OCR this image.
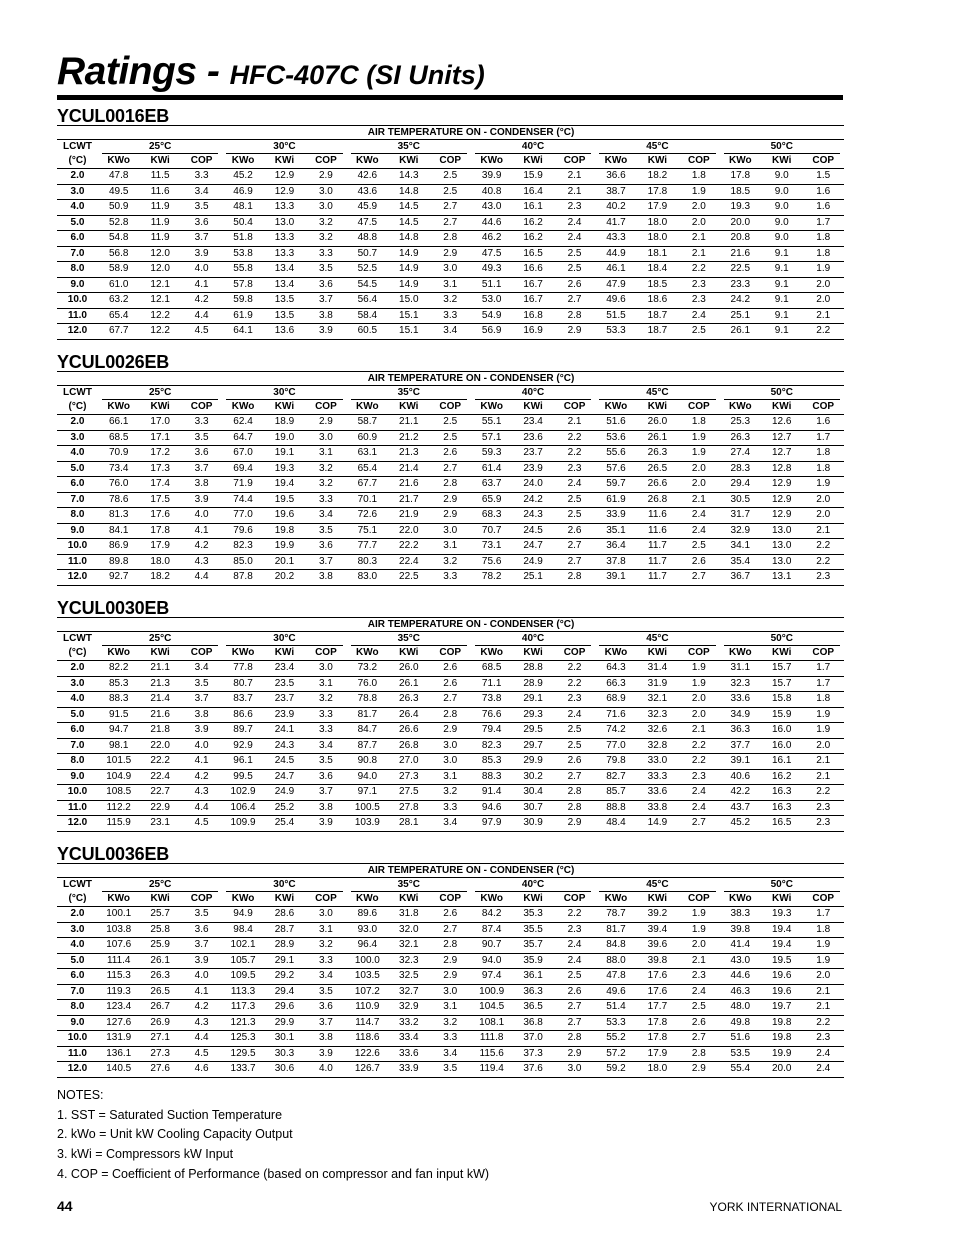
Ratings - HFC-407C (SI Units)
YCUL0016EB
	AIR TEMPERATURE ON - CONDENSER (°C)																	
LCWT	25°C			30°C			35°C			40°C			45°C			50°C		

(°C)	KWo	KWi	COP	KWo	KWi	COP	KWo	KWi	COP	KWo	KWi	COP	KWo	KWi	COP	KWo	KWi	COP
2.0	47.8	11.5	3.3	45.2	12.9	2.9	42.6	14.3	2.5	39.9	15.9	2.1	36.6	18.2	1.8	17.8	9.0	1.5
3.0	49.5	11.6	3.4	46.9	12.9	3.0	43.6	14.8	2.5	40.8	16.4	2.1	38.7	17.8	1.9	18.5	9.0	1.6
4.0	50.9	11.9	3.5	48.1	13.3	3.0	45.9	14.5	2.7	43.0	16.1	2.3	40.2	17.9	2.0	19.3	9.0	1.6
5.0	52.8	11.9	3.6	50.4	13.0	3.2	47.5	14.5	2.7	44.6	16.2	2.4	41.7	18.0	2.0	20.0	9.0	1.7
6.0	54.8	11.9	3.7	51.8	13.3	3.2	48.8	14.8	2.8	46.2	16.2	2.4	43.3	18.0	2.1	20.8	9.0	1.8
7.0	56.8	12.0	3.9	53.8	13.3	3.3	50.7	14.9	2.9	47.5	16.5	2.5	44.9	18.1	2.1	21.6	9.1	1.8
8.0	58.9	12.0	4.0	55.8	13.4	3.5	52.5	14.9	3.0	49.3	16.6	2.5	46.1	18.4	2.2	22.5	9.1	1.9
9.0	61.0	12.1	4.1	57.8	13.4	3.6	54.5	14.9	3.1	51.1	16.7	2.6	47.9	18.5	2.3	23.3	9.1	2.0
10.0	63.2	12.1	4.2	59.8	13.5	3.7	56.4	15.0	3.2	53.0	16.7	2.7	49.6	18.6	2.3	24.2	9.1	2.0
11.0	65.4	12.2	4.4	61.9	13.5	3.8	58.4	15.1	3.3	54.9	16.8	2.8	51.5	18.7	2.4	25.1	9.1	2.1
12.0	67.7	12.2	4.5	64.1	13.6	3.9	60.5	15.1	3.4	56.9	16.9	2.9	53.3	18.7	2.5	26.1	9.1	2.2
YCUL0026EB
	AIR TEMPERATURE ON - CONDENSER (°C)																	
LCWT	25°C			30°C			35°C			40°C			45°C			50°C		

(°C)	KWo	KWi	COP	KWo	KWi	COP	KWo	KWi	COP	KWo	KWi	COP	KWo	KWi	COP	KWo	KWi	COP
2.0	66.1	17.0	3.3	62.4	18.9	2.9	58.7	21.1	2.5	55.1	23.4	2.1	51.6	26.0	1.8	25.3	12.6	1.6
3.0	68.5	17.1	3.5	64.7	19.0	3.0	60.9	21.2	2.5	57.1	23.6	2.2	53.6	26.1	1.9	26.3	12.7	1.7
4.0	70.9	17.2	3.6	67.0	19.1	3.1	63.1	21.3	2.6	59.3	23.7	2.2	55.6	26.3	1.9	27.4	12.7	1.8
5.0	73.4	17.3	3.7	69.4	19.3	3.2	65.4	21.4	2.7	61.4	23.9	2.3	57.6	26.5	2.0	28.3	12.8	1.8
6.0	76.0	17.4	3.8	71.9	19.4	3.2	67.7	21.6	2.8	63.7	24.0	2.4	59.7	26.6	2.0	29.4	12.9	1.9
7.0	78.6	17.5	3.9	74.4	19.5	3.3	70.1	21.7	2.9	65.9	24.2	2.5	61.9	26.8	2.1	30.5	12.9	2.0
8.0	81.3	17.6	4.0	77.0	19.6	3.4	72.6	21.9	2.9	68.3	24.3	2.5	33.9	11.6	2.4	31.7	12.9	2.0
9.0	84.1	17.8	4.1	79.6	19.8	3.5	75.1	22.0	3.0	70.7	24.5	2.6	35.1	11.6	2.4	32.9	13.0	2.1
10.0	86.9	17.9	4.2	82.3	19.9	3.6	77.7	22.2	3.1	73.1	24.7	2.7	36.4	11.7	2.5	34.1	13.0	2.2
11.0	89.8	18.0	4.3	85.0	20.1	3.7	80.3	22.4	3.2	75.6	24.9	2.7	37.8	11.7	2.6	35.4	13.0	2.2
12.0	92.7	18.2	4.4	87.8	20.2	3.8	83.0	22.5	3.3	78.2	25.1	2.8	39.1	11.7	2.7	36.7	13.1	2.3
YCUL0030EB
	AIR TEMPERATURE ON - CONDENSER (°C)																	
LCWT	25°C			30°C			35°C			40°C			45°C			50°C		

(°C)	KWo	KWi	COP	KWo	KWi	COP	KWo	KWi	COP	KWo	KWi	COP	KWo	KWi	COP	KWo	KWi	COP
2.0	82.2	21.1	3.4	77.8	23.4	3.0	73.2	26.0	2.6	68.5	28.8	2.2	64.3	31.4	1.9	31.1	15.7	1.7
3.0	85.3	21.3	3.5	80.7	23.5	3.1	76.0	26.1	2.6	71.1	28.9	2.2	66.3	31.9	1.9	32.3	15.7	1.7
4.0	88.3	21.4	3.7	83.7	23.7	3.2	78.8	26.3	2.7	73.8	29.1	2.3	68.9	32.1	2.0	33.6	15.8	1.8
5.0	91.5	21.6	3.8	86.6	23.9	3.3	81.7	26.4	2.8	76.6	29.3	2.4	71.6	32.3	2.0	34.9	15.9	1.9
6.0	94.7	21.8	3.9	89.7	24.1	3.3	84.7	26.6	2.9	79.4	29.5	2.5	74.2	32.6	2.1	36.3	16.0	1.9
7.0	98.1	22.0	4.0	92.9	24.3	3.4	87.7	26.8	3.0	82.3	29.7	2.5	77.0	32.8	2.2	37.7	16.0	2.0
8.0	101.5	22.2	4.1	96.1	24.5	3.5	90.8	27.0	3.0	85.3	29.9	2.6	79.8	33.0	2.2	39.1	16.1	2.1
9.0	104.9	22.4	4.2	99.5	24.7	3.6	94.0	27.3	3.1	88.3	30.2	2.7	82.7	33.3	2.3	40.6	16.2	2.1
10.0	108.5	22.7	4.3	102.9	24.9	3.7	97.1	27.5	3.2	91.4	30.4	2.8	85.7	33.6	2.4	42.2	16.3	2.2
11.0	112.2	22.9	4.4	106.4	25.2	3.8	100.5	27.8	3.3	94.6	30.7	2.8	88.8	33.8	2.4	43.7	16.3	2.3
12.0	115.9	23.1	4.5	109.9	25.4	3.9	103.9	28.1	3.4	97.9	30.9	2.9	48.4	14.9	2.7	45.2	16.5	2.3
YCUL0036EB
	AIR TEMPERATURE ON - CONDENSER (°C)																	
LCWT	25°C			30°C			35°C			40°C			45°C			50°C		

(°C)	KWo	KWi	COP	KWo	KWi	COP	KWo	KWi	COP	KWo	KWi	COP	KWo	KWi	COP	KWo	KWi	COP
2.0	100.1	25.7	3.5	94.9	28.6	3.0	89.6	31.8	2.6	84.2	35.3	2.2	78.7	39.2	1.9	38.3	19.3	1.7
3.0	103.8	25.8	3.6	98.4	28.7	3.1	93.0	32.0	2.7	87.4	35.5	2.3	81.7	39.4	1.9	39.8	19.4	1.8
4.0	107.6	25.9	3.7	102.1	28.9	3.2	96.4	32.1	2.8	90.7	35.7	2.4	84.8	39.6	2.0	41.4	19.4	1.9
5.0	111.4	26.1	3.9	105.7	29.1	3.3	100.0	32.3	2.9	94.0	35.9	2.4	88.0	39.8	2.1	43.0	19.5	1.9
6.0	115.3	26.3	4.0	109.5	29.2	3.4	103.5	32.5	2.9	97.4	36.1	2.5	47.8	17.6	2.3	44.6	19.6	2.0
7.0	119.3	26.5	4.1	113.3	29.4	3.5	107.2	32.7	3.0	100.9	36.3	2.6	49.6	17.6	2.4	46.3	19.6	2.1
8.0	123.4	26.7	4.2	117.3	29.6	3.6	110.9	32.9	3.1	104.5	36.5	2.7	51.4	17.7	2.5	48.0	19.7	2.1
9.0	127.6	26.9	4.3	121.3	29.9	3.7	114.7	33.2	3.2	108.1	36.8	2.7	53.3	17.8	2.6	49.8	19.8	2.2
10.0	131.9	27.1	4.4	125.3	30.1	3.8	118.6	33.4	3.3	111.8	37.0	2.8	55.2	17.8	2.7	51.6	19.8	2.3
11.0	136.1	27.3	4.5	129.5	30.3	3.9	122.6	33.6	3.4	115.6	37.3	2.9	57.2	17.9	2.8	53.5	19.9	2.4
12.0	140.5	27.6	4.6	133.7	30.6	4.0	126.7	33.9	3.5	119.4	37.6	3.0	59.2	18.0	2.9	55.4	20.0	2.4

NOTES:

1. SST = Saturated Suction Temperature

2. kWo = Unit kW Cooling Capacity Output

3. kWi = Compressors kW Input

4. COP = Coefficient of Performance (based on compressor and fan input kW)

44	YORK INTERNATIONAL
